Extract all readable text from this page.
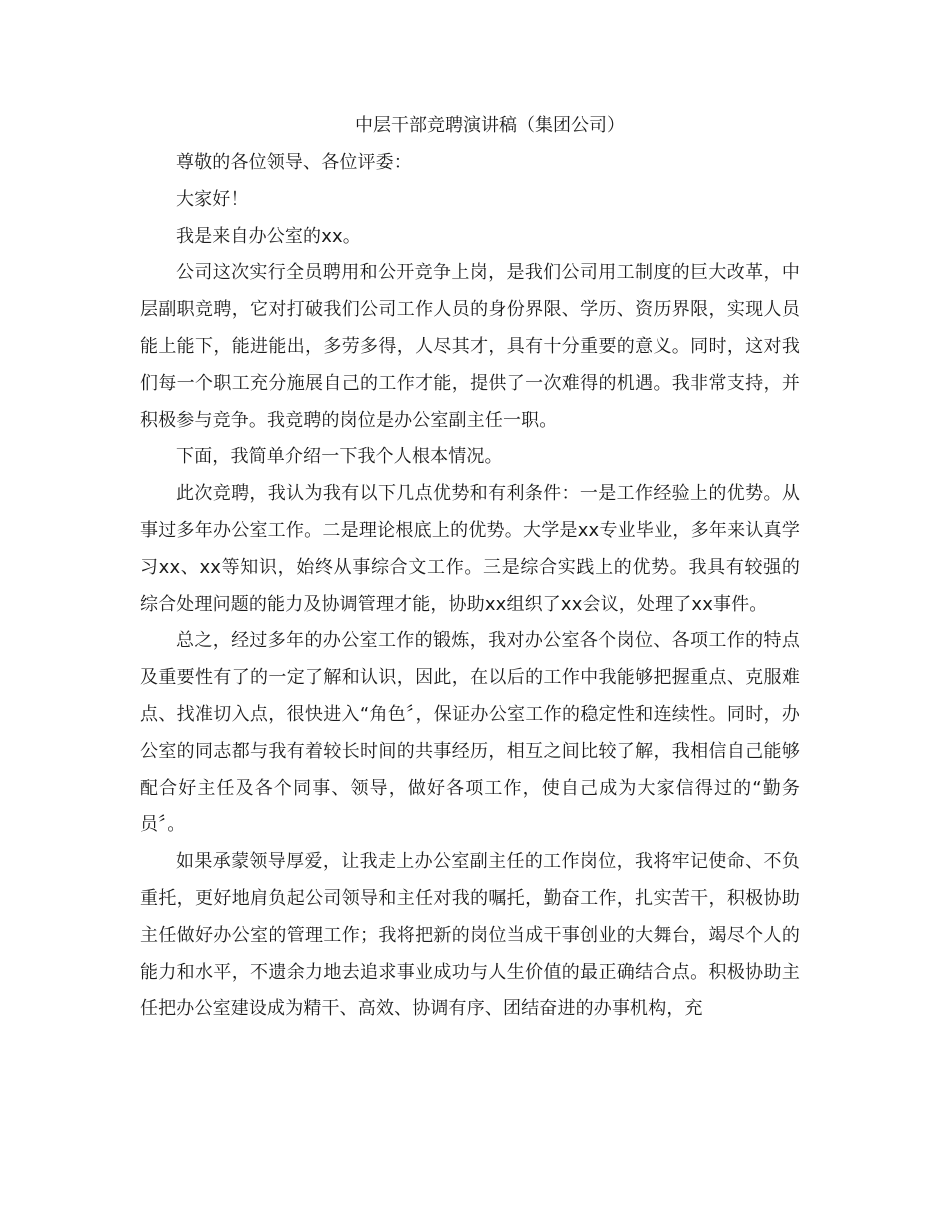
中层干部竞聘演讲稿（集团公司）

尊敬的各位领导、各位评委：

大家好！

我是来自办公室的xx。

公司这次实行全员聘用和公开竞争上岗，是我们公司用工制度的巨大改革，中层副职竞聘，它对打破我们公司工作人员的身份界限、学历、资历界限，实现人员能上能下，能进能出，多劳多得，人尽其才，具有十分重要的意义。同时，这对我们每一个职工充分施展自己的工作才能，提供了一次难得的机遇。我非常支持，并积极参与竞争。我竞聘的岗位是办公室副主任一职。

下面，我简单介绍一下我个人根本情况。

此次竞聘，我认为我有以下几点优势和有利条件：一是工作经验上的优势。从事过多年办公室工作。二是理论根底上的优势。大学是xx专业毕业，多年来认真学习xx、xx等知识，始终从事综合文工作。三是综合实践上的优势。我具有较强的综合处理问题的能力及协调管理才能，协助xx组织了xx会议，处理了xx事件。

总之，经过多年的办公室工作的锻炼，我对办公室各个岗位、各项工作的特点及重要性有了的一定了解和认识，因此，在以后的工作中我能够把握重点、克服难点、找准切入点，很快进入“角色〞，保证办公室工作的稳定性和连续性。同时，办公室的同志都与我有着较长时间的共事经历，相互之间比较了解，我相信自己能够配合好主任及各个同事、领导，做好各项工作，使自己成为大家信得过的“勤务员〞。

如果承蒙领导厚爱，让我走上办公室副主任的工作岗位，我将牢记使命、不负重托，更好地肩负起公司领导和主任对我的嘱托，勤奋工作，扎实苦干，积极协助主任做好办公室的管理工作；我将把新的岗位当成干事创业的大舞台，竭尽个人的能力和水平，不遗余力地去追求事业成功与人生价值的最正确结合点。积极协助主任把办公室建设成为精干、高效、协调有序、团结奋进的办事机构，充
